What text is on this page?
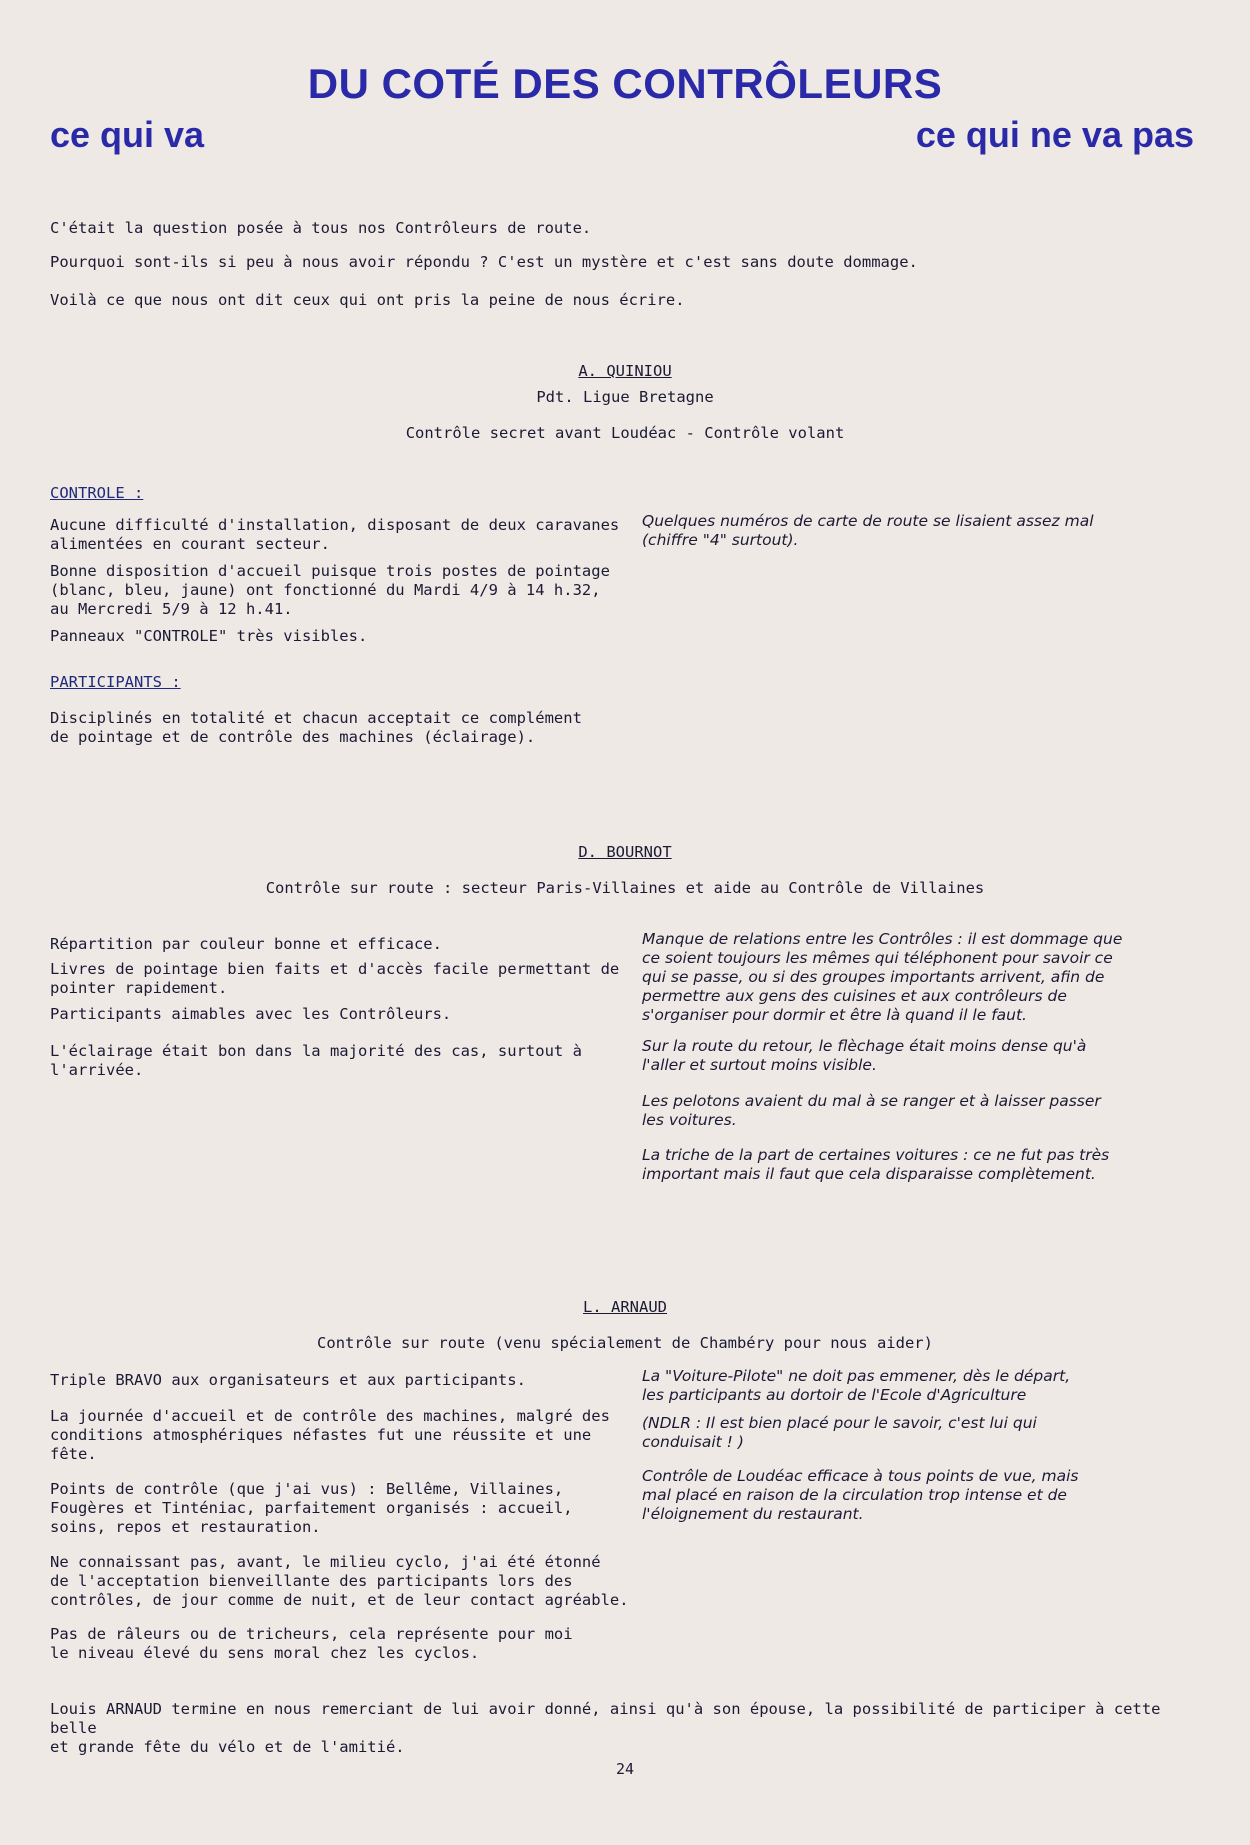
DU COTÉ DES CONTRÔLEURS
ce qui va	ce qui ne va pas
C'était la question posée à tous nos Contrôleurs de route.
Pourquoi sont-ils si peu à nous avoir répondu ? C'est un mystère et c'est sans doute dommage.
Voilà ce que nous ont dit ceux qui ont pris la peine de nous écrire.
A. QUINIOU
Pdt. Ligue Bretagne
Contrôle secret avant Loudéac - Contrôle volant
CONTROLE :
Aucune difficulté d'installation, disposant de deux caravanes
alimentées en courant secteur.
Bonne disposition d'accueil puisque trois postes de pointage
(blanc, bleu, jaune) ont fonctionné du Mardi 4/9 à 14 h.32,
au Mercredi 5/9 à 12 h.41.
Panneaux "CONTROLE" très visibles.
Quelques numéros de carte de route se lisaient assez mal
(chiffre "4" surtout).
PARTICIPANTS :
Disciplinés en totalité et chacun acceptait ce complément
de pointage et de contrôle des machines (éclairage).
D. BOURNOT
Contrôle sur route : secteur Paris-Villaines et aide au Contrôle de Villaines
Répartition par couleur bonne et efficace.
Livres de pointage bien faits et d'accès facile permettant de
pointer rapidement.
Participants aimables avec les Contrôleurs.
L'éclairage était bon dans la majorité des cas, surtout à
l'arrivée.
Manque de relations entre les Contrôles : il est dommage que
ce soient toujours les mêmes qui téléphonent pour savoir ce
qui se passe, ou si des groupes importants arrivent, afin de
permettre aux gens des cuisines et aux contrôleurs de
s'organiser pour dormir et être là quand il le faut.
Sur la route du retour, le flèchage était moins dense qu'à
l'aller et surtout moins visible.
Les pelotons avaient du mal à se ranger et à laisser passer
les voitures.
La triche de la part de certaines voitures : ce ne fut pas très
important mais il faut que cela disparaisse complètement.
L. ARNAUD
Contrôle sur route (venu spécialement de Chambéry pour nous aider)
Triple BRAVO aux organisateurs et aux participants.
La journée d'accueil et de contrôle des machines, malgré des
conditions atmosphériques néfastes fut une réussite et une
fête.
Points de contrôle (que j'ai vus) : Bellême, Villaines,
Fougères et Tinténiac, parfaitement organisés : accueil,
soins, repos et restauration.
Ne connaissant pas, avant, le milieu cyclo, j'ai été étonné
de l'acceptation bienveillante des participants lors des
contrôles, de jour comme de nuit, et de leur contact agréable.
Pas de râleurs ou de tricheurs, cela représente pour moi
le niveau élevé du sens moral chez les cyclos.
La "Voiture-Pilote" ne doit pas emmener, dès le départ,
les participants au dortoir de l'Ecole d'Agriculture
(NDLR : Il est bien placé pour le savoir, c'est lui qui
conduisait ! )
Contrôle de Loudéac efficace à tous points de vue, mais
mal placé en raison de la circulation trop intense et de
l'éloignement du restaurant.
Louis ARNAUD termine en nous remerciant de lui avoir donné, ainsi qu'à son épouse, la possibilité de participer à cette belle
et grande fête du vélo et de l'amitié.
24
